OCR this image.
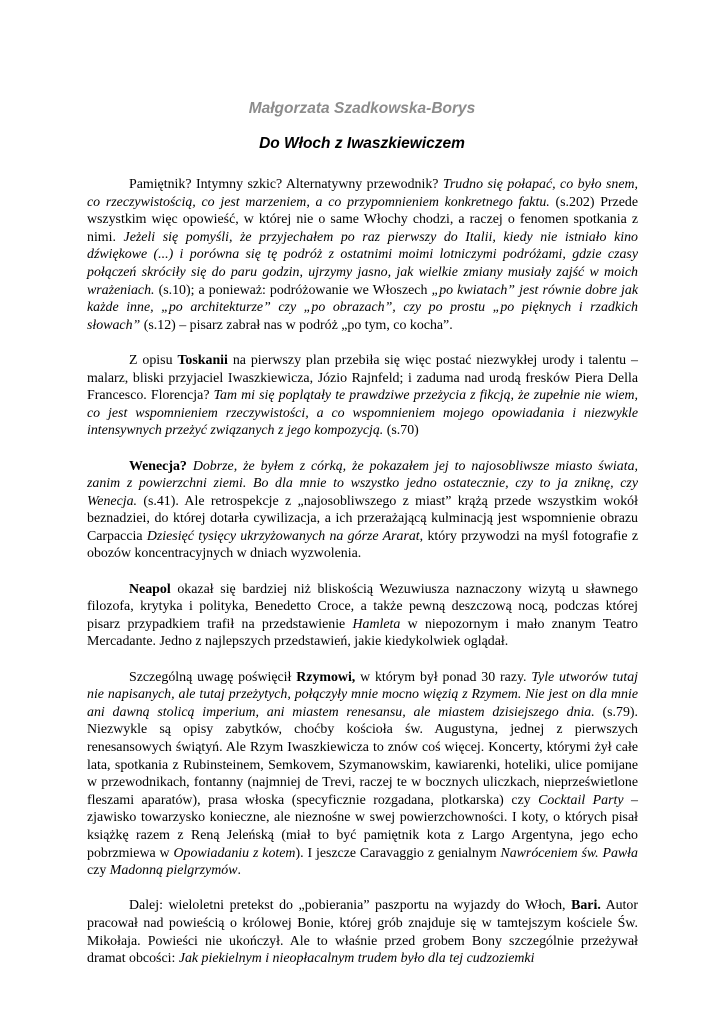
Małgorzata Szadkowska-Borys
Do Włoch z Iwaszkiewiczem

Pamiętnik? Intymny szkic? Alternatywny przewodnik? Trudno się połapać, co było snem, co rzeczywistością, co jest marzeniem, a co przypomnieniem konkretnego faktu. (s.202) Przede wszystkim więc opowieść, w której nie o same Włochy chodzi, a raczej o fenomen spotkania z nimi. Jeżeli się pomyśli, że przyjechałem po raz pierwszy do Italii, kiedy nie istniało kino dźwiękowe (...) i porówna się tę podróż z ostatnimi moimi lotniczymi podróżami, gdzie czasy połączeń skróciły się do paru godzin, ujrzymy jasno, jak wielkie zmiany musiały zajść w moich wrażeniach. (s.10); a ponieważ: podróżowanie we Włoszech „po kwiatach” jest równie dobre jak każde inne, „po architekturze” czy „po obrazach”, czy po prostu „po pięknych i rzadkich słowach” (s.12) – pisarz zabrał nas w podróż „po tym, co kocha”.

Z opisu Toskanii na pierwszy plan przebiła się więc postać niezwykłej urody i talentu – malarz, bliski przyjaciel Iwaszkiewicza, Józio Rajnfeld; i zaduma nad urodą fresków Piera Della Francesco. Florencja? Tam mi się poplątały te prawdziwe przeżycia z fikcją, że zupełnie nie wiem, co jest wspomnieniem rzeczywistości, a co wspomnieniem mojego opowiadania i niezwykle intensywnych przeżyć związanych z jego kompozycją. (s.70)

Wenecja? Dobrze, że byłem z córką, że pokazałem jej to najosobliwsze miasto świata, zanim z powierzchni ziemi. Bo dla mnie to wszystko jedno ostatecznie, czy to ja zniknę, czy Wenecja. (s.41). Ale retrospekcje z „najosobliwszego z miast” krążą przede wszystkim wokół beznadziei, do której dotarła cywilizacja, a ich przerażającą kulminacją jest wspomnienie obrazu Carpaccia Dziesięć tysięcy ukrzyżowanych na górze Ararat, który przywodzi na myśl fotografie z obozów koncentracyjnych w dniach wyzwolenia.

Neapol okazał się bardziej niż bliskością Wezuwiusza naznaczony wizytą u sławnego filozofa, krytyka i polityka, Benedetto Croce, a także pewną deszczową nocą, podczas której pisarz przypadkiem trafił na przedstawienie Hamleta w niepozornym i mało znanym Teatro Mercadante. Jedno z najlepszych przedstawień, jakie kiedykolwiek oglądał.

Szczególną uwagę poświęcił Rzymowi, w którym był ponad 30 razy. Tyle utworów tutaj nie napisanych, ale tutaj przeżytych, połączyły mnie mocno więzią z Rzymem. Nie jest on dla mnie ani dawną stolicą imperium, ani miastem renesansu, ale miastem dzisiejszego dnia. (s.79). Niezwykle są opisy zabytków, choćby kościoła św. Augustyna, jednej z pierwszych renesansowych świątyń. Ale Rzym Iwaszkiewicza to znów coś więcej. Koncerty, którymi żył całe lata, spotkania z Rubinsteinem, Semkovem, Szymanowskim, kawiarenki, hoteliki, ulice pomijane w przewodnikach, fontanny (najmniej de Trevi, raczej te w bocznych uliczkach, nieprześwietlone fleszami aparatów), prasa włoska (specyficznie rozgadana, plotkarska) czy Cocktail Party – zjawisko towarzysko konieczne, ale nieznośne w swej powierzchowności. I koty, o których pisał książkę razem z Reną Jeleńską (miał to być pamiętnik kota z Largo Argentyna, jego echo pobrzmiewa w Opowiadaniu z kotem). I jeszcze Caravaggio z genialnym Nawróceniem św. Pawła czy Madonną pielgrzymów.

Dalej: wieloletni pretekst do „pobierania” paszportu na wyjazdy do Włoch, Bari. Autor pracował nad powieścią o królowej Bonie, której grób znajduje się w tamtejszym kościele Św. Mikołaja. Powieści nie ukończył. Ale to właśnie przed grobem Bony szczególnie przeżywał dramat obcości: Jak piekielnym i nieopłacalnym trudem było dla tej cudzoziemki
